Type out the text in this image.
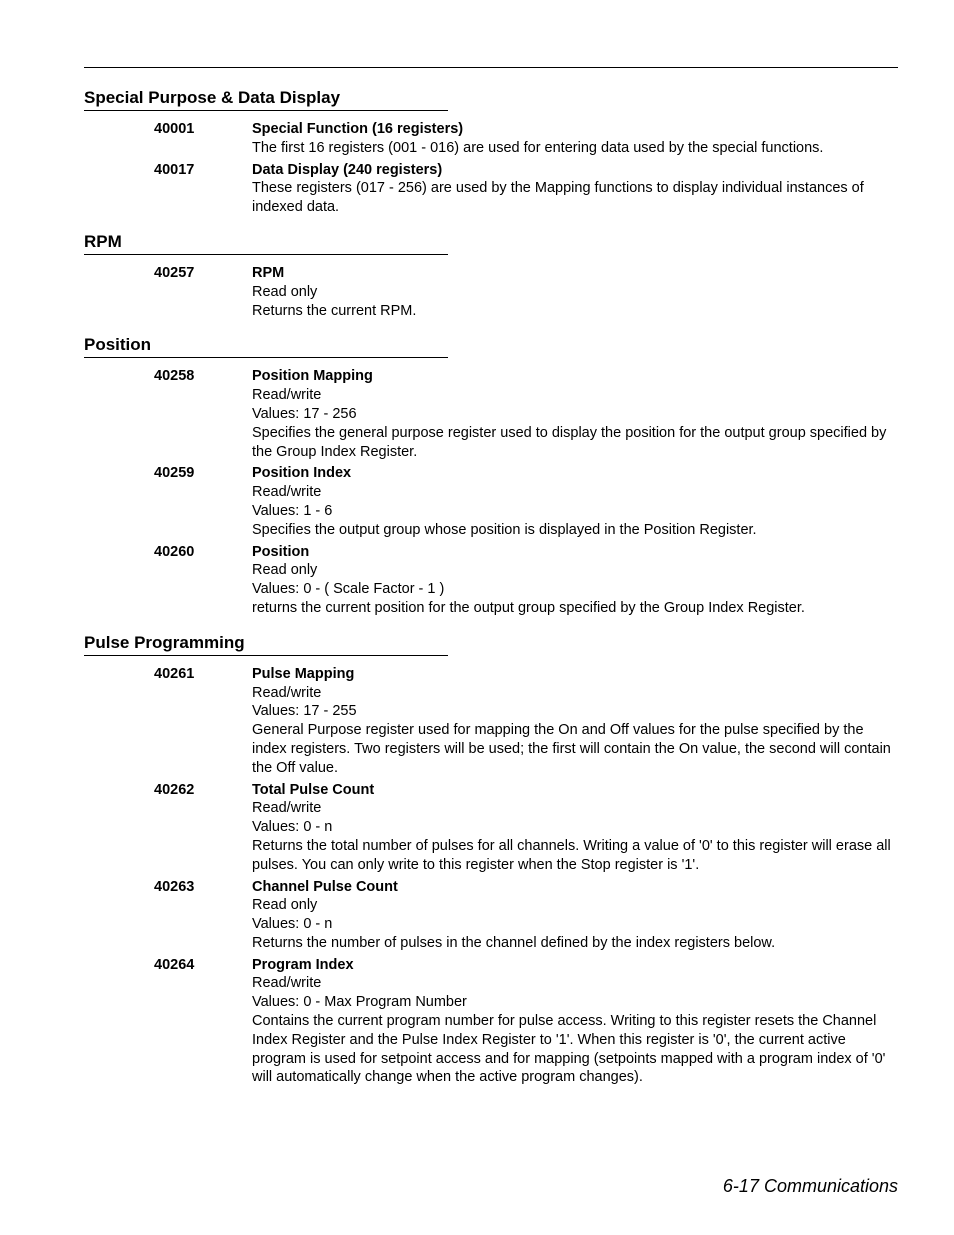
Special Purpose & Data Display
40001	Special Function (16 registers)
The first 16 registers (001 - 016) are used for entering data used by the special functions.
40017	Data Display (240 registers)
These registers (017 - 256) are used by the Mapping functions to display individual instances of indexed data.
RPM
40257	RPM
Read only
Returns the current RPM.
Position
40258	Position Mapping
Read/write
Values: 17 - 256
Specifies the general purpose register used to display the position for the output group specified by the Group Index Register.
40259	Position Index
Read/write
Values: 1 - 6
Specifies the output group whose position is displayed in the Position Register.
40260	Position
Read only
Values: 0 - ( Scale Factor - 1 )
returns the current position for the output group specified by the Group Index Register.
Pulse Programming
40261	Pulse Mapping
Read/write
Values: 17 - 255
General Purpose register used for mapping the On and Off values for the pulse specified by the index registers. Two registers will be used; the first will contain the On value, the second will contain the Off value.
40262	Total Pulse Count
Read/write
Values: 0 - n
Returns the total number of pulses for all channels. Writing a value of '0' to this register will erase all pulses. You can only write to this register when the Stop register is '1'.
40263	Channel Pulse Count
Read only
Values: 0 - n
Returns the number of pulses in the channel defined by the index registers below.
40264	Program Index
Read/write
Values: 0 - Max Program Number
Contains the current program number for pulse access. Writing to this register resets the Channel Index Register and the Pulse Index Register to '1'. When this register is '0', the current active program is used for setpoint access and for mapping (setpoints mapped with a program index of '0' will automatically change when the active program changes).
6-17 Communications
